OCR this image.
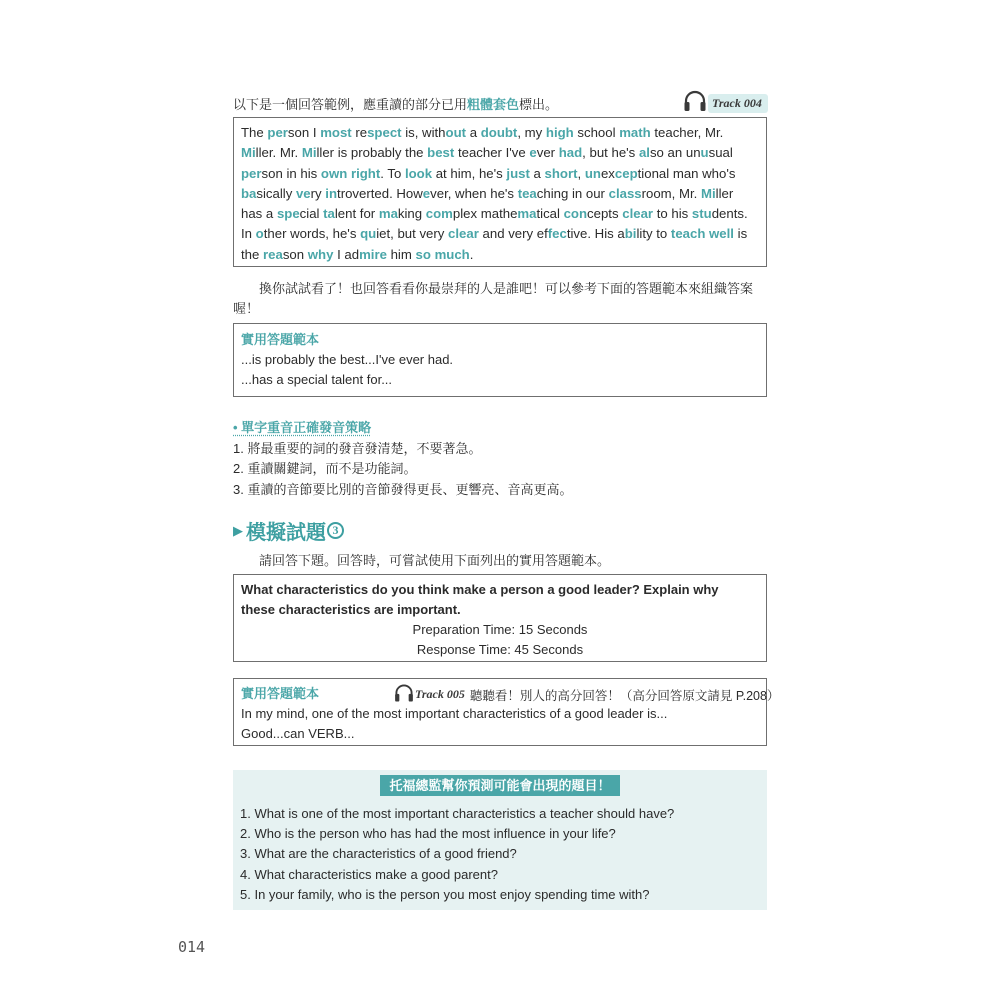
以下是一個回答範例，應重讀的部分已用粗體套色標出。	Track 004
The person I most respect is, without a doubt, my high school math teacher, Mr.
Miller. Mr. Miller is probably the best teacher I've ever had, but he's also an unusual
person in his own right. To look at him, he's just a short, unexceptional man who's
basically very introverted. However, when he's teaching in our classroom, Mr. Miller
has a special talent for making complex mathematical concepts clear to his students.
In other words, he's quiet, but very clear and very effective. His ability to teach well is
the reason why I admire him so much.
換你試試看了！也回答看看你最崇拜的人是誰吧！可以參考下面的答題範本來組織答案喔！
實用答題範本
...is probably the best...I've ever had.
...has a special talent for...
• 單字重音正確發音策略
1. 將最重要的詞的發音發清楚，不要著急。
2. 重讀關鍵詞，而不是功能詞。
3. 重讀的音節要比別的音節發得更長、更響亮、音高更高。
▶ 模擬試題 3
請回答下題。回答時，可嘗試使用下面列出的實用答題範本。
What characteristics do you think make a person a good leader? Explain why
these characteristics are important.
Preparation Time: 15 Seconds
Response Time: 45 Seconds
實用答題範本
In my mind, one of the most important characteristics of a good leader is...
Good...can VERB...
Track 005 聽聽看！別人的高分回答！（高分回答原文請見 P.208）
托福總監幫你預測可能會出現的題目！
1. What is one of the most important characteristics a teacher should have?
2. Who is the person who has had the most influence in your life?
3. What are the characteristics of a good friend?
4. What characteristics make a good parent?
5. In your family, who is the person you most enjoy spending time with?
014
